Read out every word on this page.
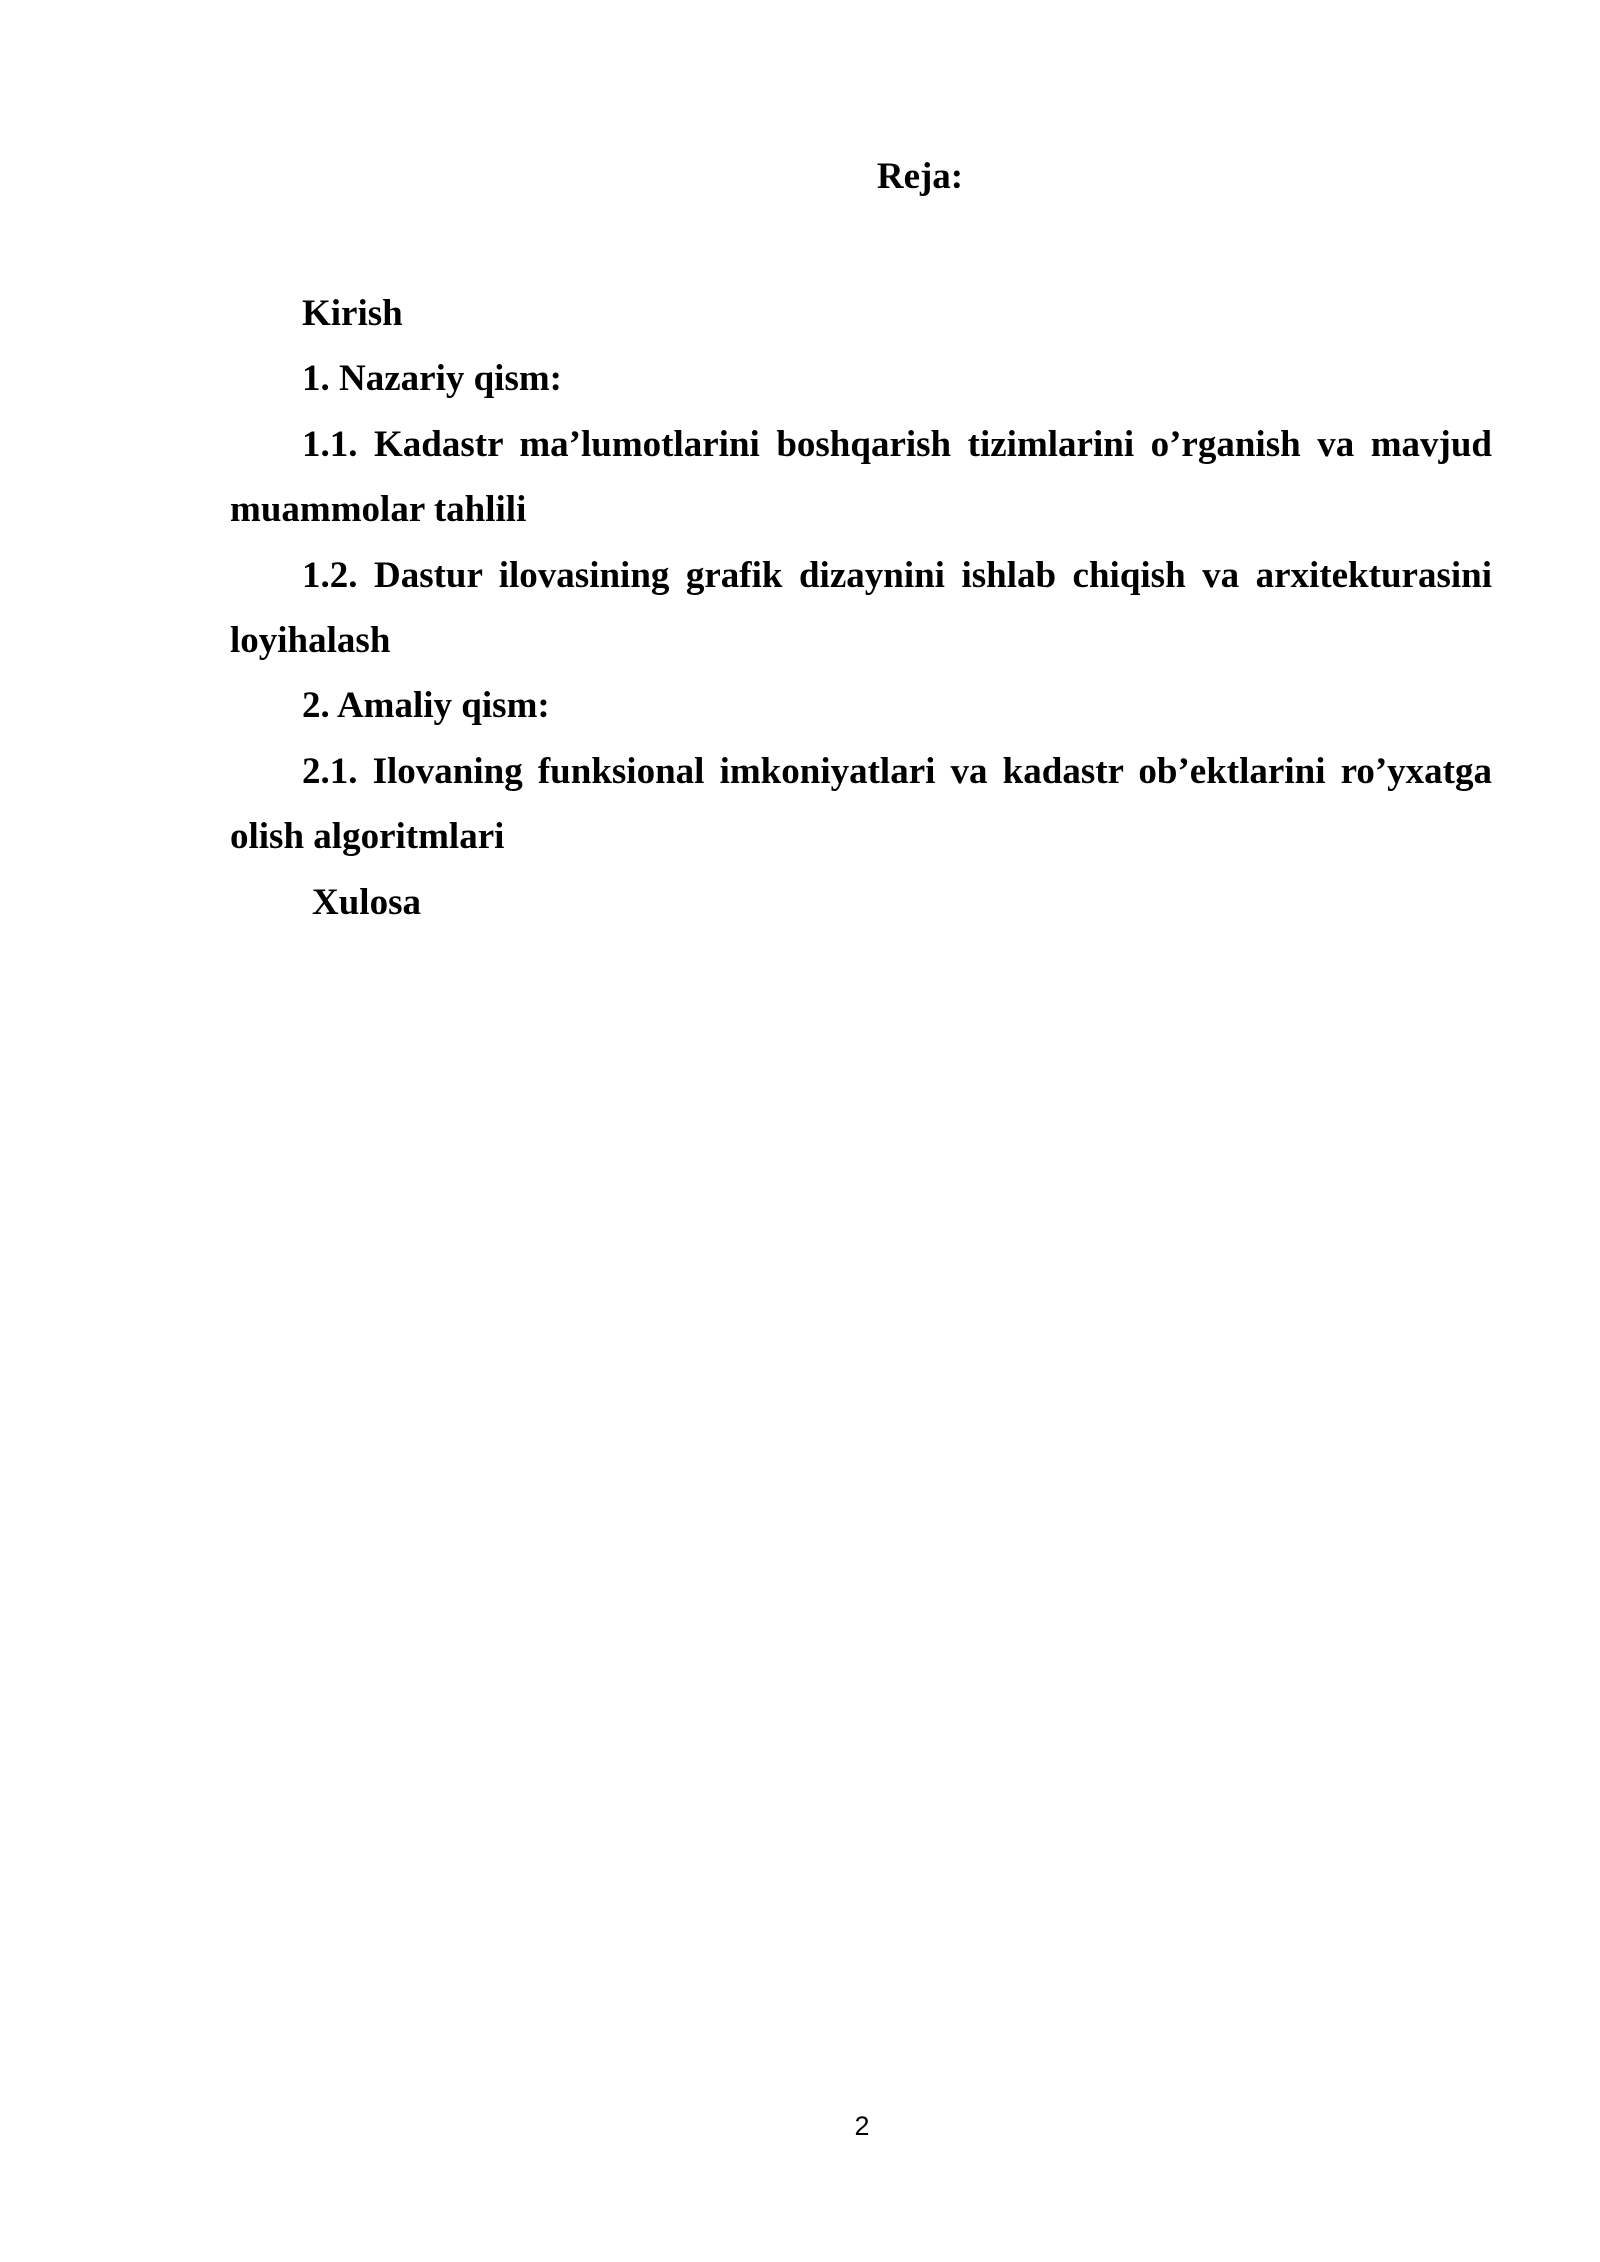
Reja:
Kirish
1. Nazariy qism:
1.1. Kadastr ma’lumotlarini boshqarish tizimlarini o’rganish va mavjud muammolar tahlili
1.2. Dastur ilovasining grafik dizaynini ishlab chiqish va arxitekturasini loyihalash
2. Amaliy qism:
2.1. Ilovaning funksional imkoniyatlari va kadastr ob’ektlarini ro’yxatga olish algoritmlari
Xulosa
2
